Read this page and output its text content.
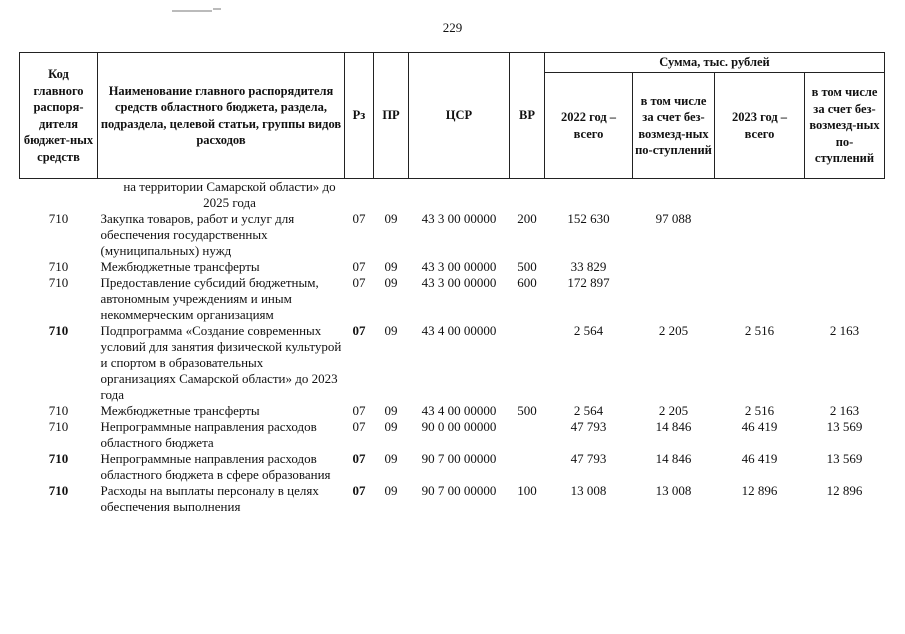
229
Код главного распоря-дителя бюджет-ных средств	Наименование главного распорядителя средств областного бюджета, раздела, подраздела, целевой статьи, группы видов расходов	Рз	ПР	ЦСР	ВР	Сумма, тыс. рублей			
						2022 год – всего	в том числе за счет без-возмезд-ных по-ступлений	2023 год – всего	в том числе за счет без-возмезд-ных по-ступлений
	на территории Самарской области» до 2025 года								
710	Закупка товаров, работ и услуг для обеспечения государственных (муниципальных) нужд	07	09	43 3 00 00000	200	152 630	97 088		
710	Межбюджетные трансферты	07	09	43 3 00 00000	500	33 829			
710	Предоставление субсидий бюджетным, автономным учреждениям и иным некоммерческим организациям	07	09	43 3 00 00000	600	172 897			
710	Подпрограмма «Создание современных условий для занятия физической культурой и спортом в образовательных организациях Самарской области» до 2023 года	07	09	43 4 00 00000		2 564	2 205	2 516	2 163
710	Межбюджетные трансферты	07	09	43 4 00 00000	500	2 564	2 205	2 516	2 163
710	Непрограммные направления расходов областного бюджета	07	09	90 0 00 00000		47 793	14 846	46 419	13 569
710	Непрограммные направления расходов областного бюджета в сфере образования	07	09	90 7 00 00000		47 793	14 846	46 419	13 569
710	Расходы на выплаты персоналу в целях обеспечения выполнения	07	09	90 7 00 00000	100	13 008	13 008	12 896	12 896
